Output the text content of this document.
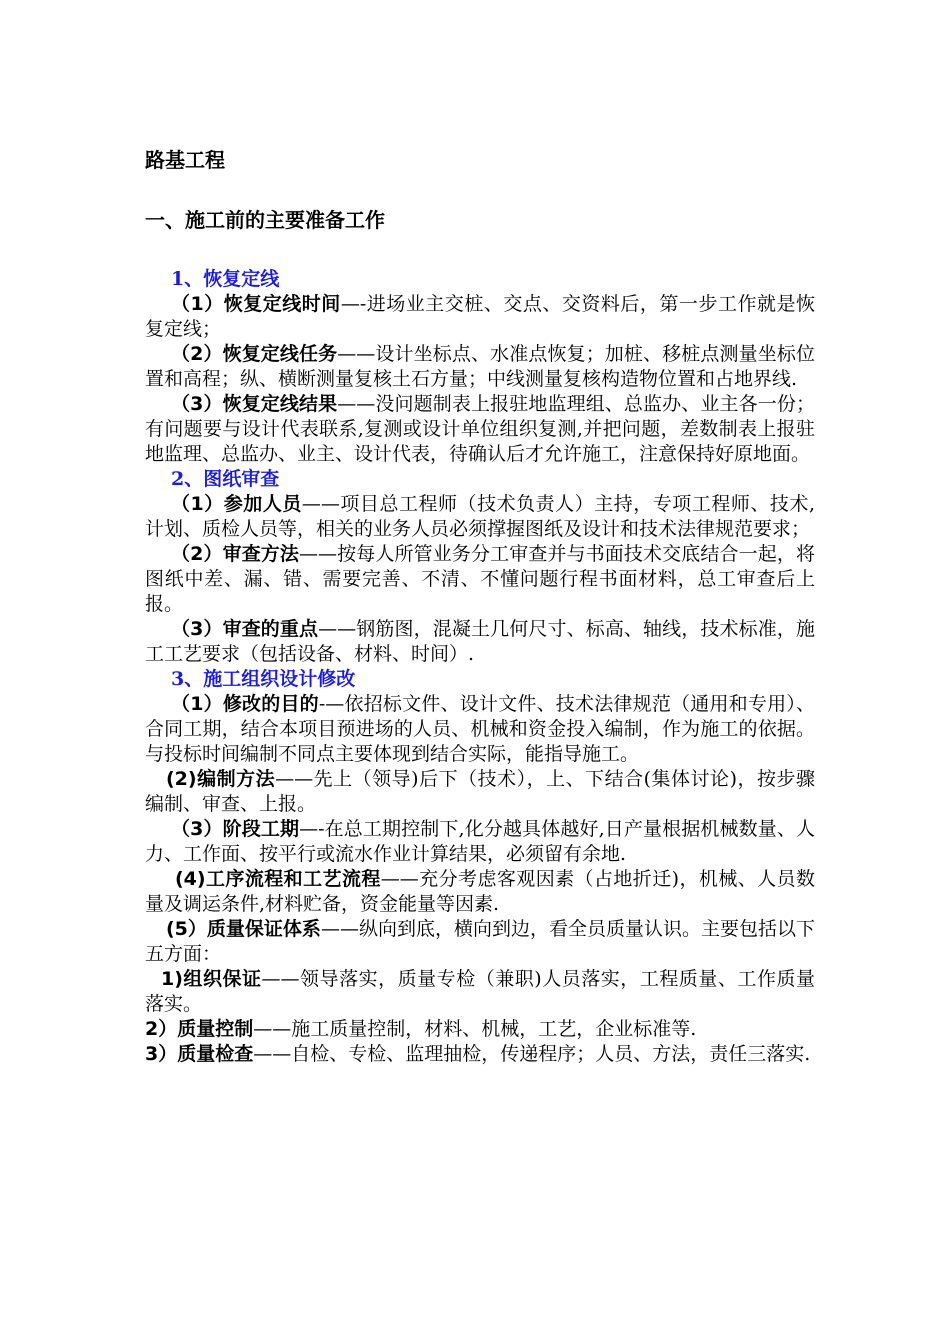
路基工程
一、施工前的主要准备工作

1、恢复定线

（1）恢复定线时间—-进场业主交桩、交点、交资料后，第一步工作就是恢复定线；

（2）恢复定线任务——设计坐标点、水准点恢复；加桩、移桩点测量坐标位置和高程；纵、横断测量复核土石方量；中线测量复核构造物位置和占地界线.

（3）恢复定线结果——没问题制表上报驻地监理组、总监办、业主各一份；有问题要与设计代表联系,复测或设计单位组织复测,并把问题，差数制表上报驻地监理、总监办、业主、设计代表，待确认后才允许施工，注意保持好原地面。

2、图纸审查

（1）参加人员——项目总工程师（技术负责人）主持，专项工程师、技术,计划、质检人员等，相关的业务人员必须撑握图纸及设计和技术法律规范要求；

（2）审查方法——按每人所管业务分工审查并与书面技术交底结合一起，将图纸中差、漏、错、需要完善、不清、不懂问题行程书面材料，总工审查后上报。

（3）审查的重点——钢筋图，混凝土几何尺寸、标高、轴线，技术标准，施工工艺要求（包括设备、材料、时间）.

3、施工组织设计修改

（1）修改的目的-—依招标文件、设计文件、技术法律规范（通用和专用）、合同工期，结合本项目预进场的人员、机械和资金投入编制，作为施工的依据。与投标时间编制不同点主要体现到结合实际，能指导施工。

(2)编制方法——先上（领导)后下（技术），上、下结合(集体讨论)，按步骤编制、审查、上报。

（3）阶段工期—-在总工期控制下,化分越具体越好,日产量根据机械数量、人力、工作面、按平行或流水作业计算结果，必须留有余地.

(4)工序流程和工艺流程——充分考虑客观因素（占地折迁)，机械、人员数量及调运条件,材料贮备，资金能量等因素.

(5）质量保证体系——纵向到底，横向到边，看全员质量认识。主要包括以下五方面：

1)组织保证——领导落实，质量专检（兼职)人员落实，工程质量、工作质量落实。

2）质量控制——施工质量控制，材料、机械，工艺，企业标准等.

3）质量检查——自检、专检、监理抽检，传递程序；人员、方法，责任三落实.
